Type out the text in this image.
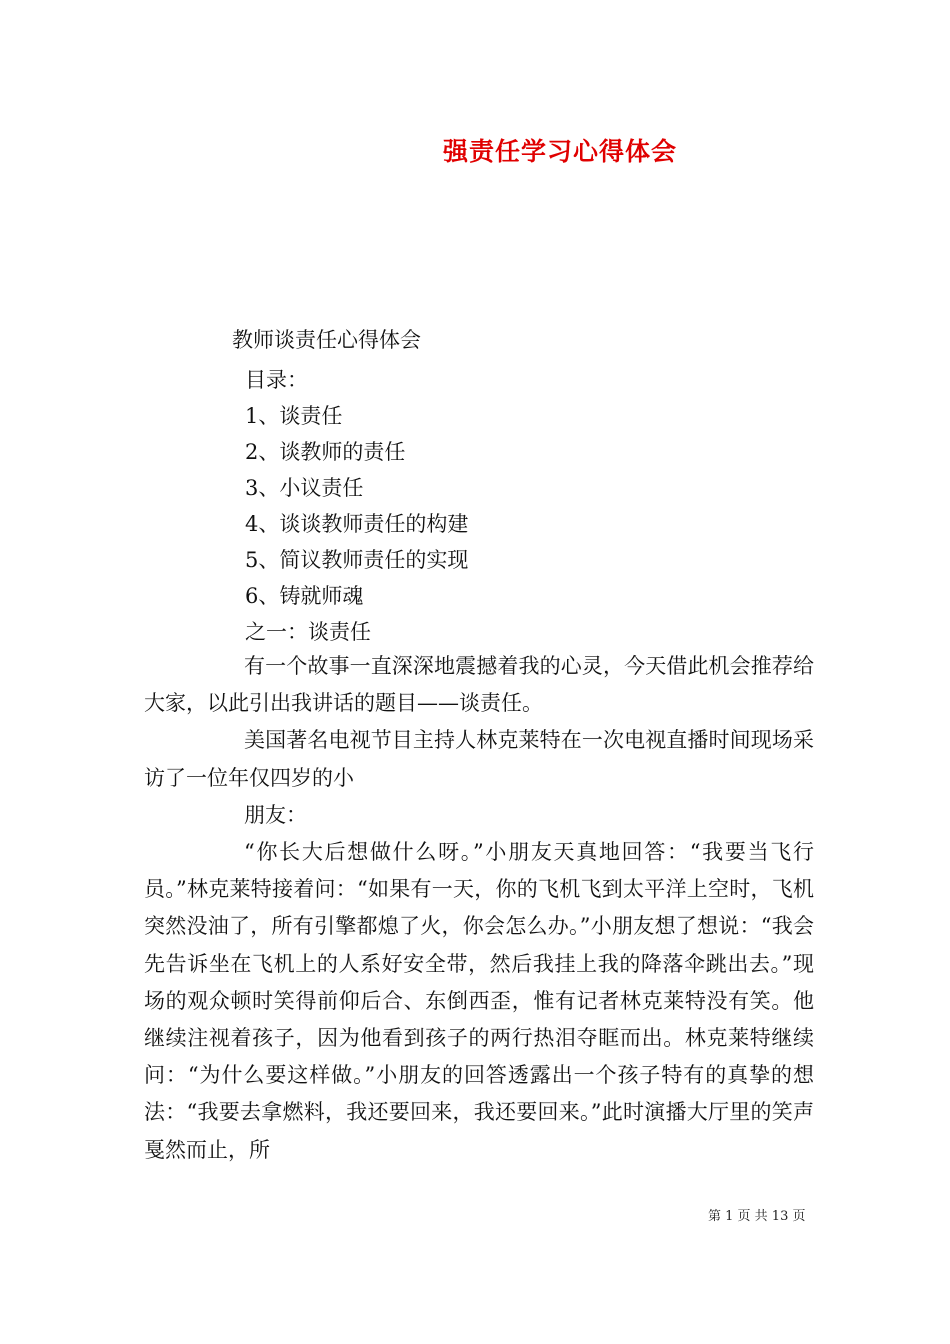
强责任学习心得体会
教师谈责任心得体会
目录：
1、谈责任
2、谈教师的责任
3、小议责任
4、谈谈教师责任的构建
5、简议教师责任的实现
6、铸就师魂
之一：谈责任

有一个故事一直深深地震撼着我的心灵，今天借此机会推荐给大家，以此引出我讲话的题目——谈责任。

美国著名电视节目主持人林克莱特在一次电视直播时间现场采访了一位年仅四岁的小

朋友：

“你长大后想做什么呀。”小朋友天真地回答：“我要当飞行员。”林克莱特接着问：“如果有一天，你的飞机飞到太平洋上空时，飞机突然没油了，所有引擎都熄了火，你会怎么办。”小朋友想了想说：“我会先告诉坐在飞机上的人系好安全带，然后我挂上我的降落伞跳出去。”现场的观众顿时笑得前仰后合、东倒西歪，惟有记者林克莱特没有笑。他继续注视着孩子，因为他看到孩子的两行热泪夺眶而出。林克莱特继续问：“为什么要这样做。”小朋友的回答透露出一个孩子特有的真挚的想法：“我要去拿燃料，我还要回来，我还要回来。”此时演播大厅里的笑声戛然而止，所

第 1 页 共 13 页
